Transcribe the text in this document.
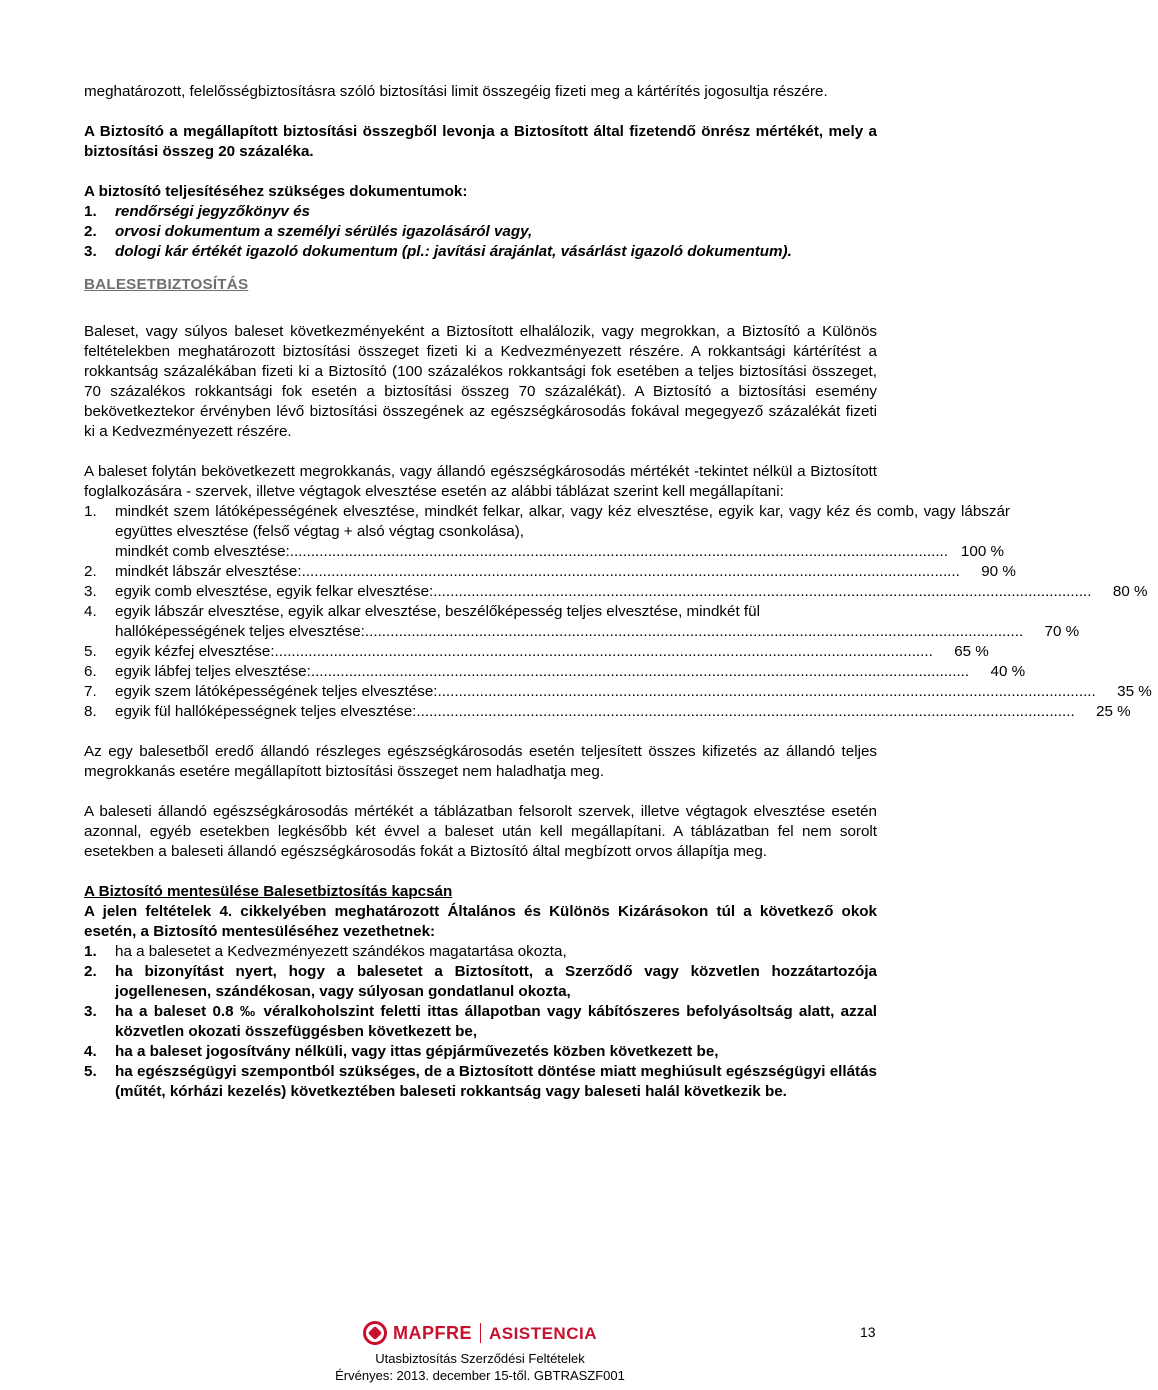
meghatározott, felelősségbiztosításra szóló biztosítási limit összegéig fizeti meg a kártérítés jogosultja részére.

A Biztosító a megállapított biztosítási összegből levonja a Biztosított által fizetendő önrész mértékét, mely a biztosítási összeg 20 százaléka.

A biztosító teljesítéséhez szükséges dokumentumok:

1.	rendőrségi jegyzőkönyv és
2.	orvosi dokumentum a személyi sérülés igazolásáról vagy,
3.	dologi kár értékét igazoló dokumentum (pl.: javítási árajánlat, vásárlást igazoló dokumentum).

BALESETBIZTOSÍTÁS

Baleset, vagy súlyos baleset következményeként a Biztosított elhalálozik, vagy megrokkan, a Biztosító a Különös feltételekben meghatározott biztosítási összeget fizeti ki a Kedvezményezett részére. A rokkantsági kártérítést a rokkantság százalékában fizeti ki a Biztosító (100 százalékos rokkantsági fok esetében a teljes biztosítási összeget, 70 százalékos rokkantsági fok esetén a biztosítási összeg 70 százalékát). A Biztosító a biztosítási esemény bekövetkeztekor érvényben lévő biztosítási összegének az egészségkárosodás fokával megegyező százalékát fizeti ki a Kedvezményezett részére.

A baleset folytán bekövetkezett megrokkanás, vagy állandó egészségkárosodás mértékét -tekintet nélkül a Biztosított foglalkozására - szervek, illetve végtagok elvesztése esetén az alábbi táblázat szerint kell megállapítani:

1.	mindkét szem látóképességének elvesztése, mindkét felkar, alkar, vagy kéz elvesztése, egyik kar, vagy kéz és comb, vagy lábszár együttes elvesztése (felső végtag + alsó végtag csonkolása),

mindkét comb elvesztése:............................................................................................................................................................ 100 %
2.	mindkét lábszár elvesztése:............................................................................................................................................................	90 %
3.	egyik comb elvesztése, egyik felkar elvesztése:............................................................................................................................................................	80 %
4.	egyik lábszár elvesztése, egyik alkar elvesztése, beszélőképesség teljes elvesztése, mindkét fül

hallóképességének teljes elvesztése:............................................................................................................................................................	70 %
5.	egyik kézfej elvesztése:............................................................................................................................................................	65 %
6.	egyik lábfej teljes elvesztése:............................................................................................................................................................	40 %
7.	egyik szem látóképességének teljes elvesztése:............................................................................................................................................................	35 %
8.	egyik fül hallóképességnek teljes elvesztése:............................................................................................................................................................	25 %

Az egy balesetből eredő állandó részleges egészségkárosodás esetén teljesített összes kifizetés az állandó teljes megrokkanás esetére megállapított biztosítási összeget nem haladhatja meg.

A baleseti állandó egészségkárosodás mértékét a táblázatban felsorolt szervek, illetve végtagok elvesztése esetén azonnal, egyéb esetekben legkésőbb két évvel a baleset után kell megállapítani. A táblázatban fel nem sorolt esetekben a baleseti állandó egészségkárosodás fokát a Biztosító által megbízott orvos állapítja meg.

A Biztosító mentesülése Balesetbiztosítás kapcsán

A jelen feltételek 4. cikkelyében meghatározott Általános és Különös Kizárásokon túl a következő okok esetén, a Biztosító mentesüléséhez vezethetnek:

1.	ha a balesetet a Kedvezményezett szándékos magatartása okozta,
2.	ha bizonyítást nyert, hogy a balesetet a Biztosított, a Szerződő vagy közvetlen hozzátartozója jogellenesen, szándékosan, vagy súlyosan gondatlanul okozta,
3.	ha a baleset 0.8 ‰ véralkoholszint feletti ittas állapotban vagy kábítószeres befolyásoltság alatt, azzal közvetlen okozati összefüggésben következett be,
4.	ha a baleset jogosítvány nélküli, vagy ittas gépjárművezetés közben következett be,
5.	ha egészségügyi szempontból szükséges, de a Biztosított döntése miatt meghiúsult egészségügyi ellátás (műtét, kórházi kezelés) következtében baleseti rokkantság vagy baleseti halál következik be.
MAPFRE ASISTENCIA

Utasbiztosítás Szerződési Feltételek

Érvényes: 2013. december 15-től. GBTRASZF001

13
